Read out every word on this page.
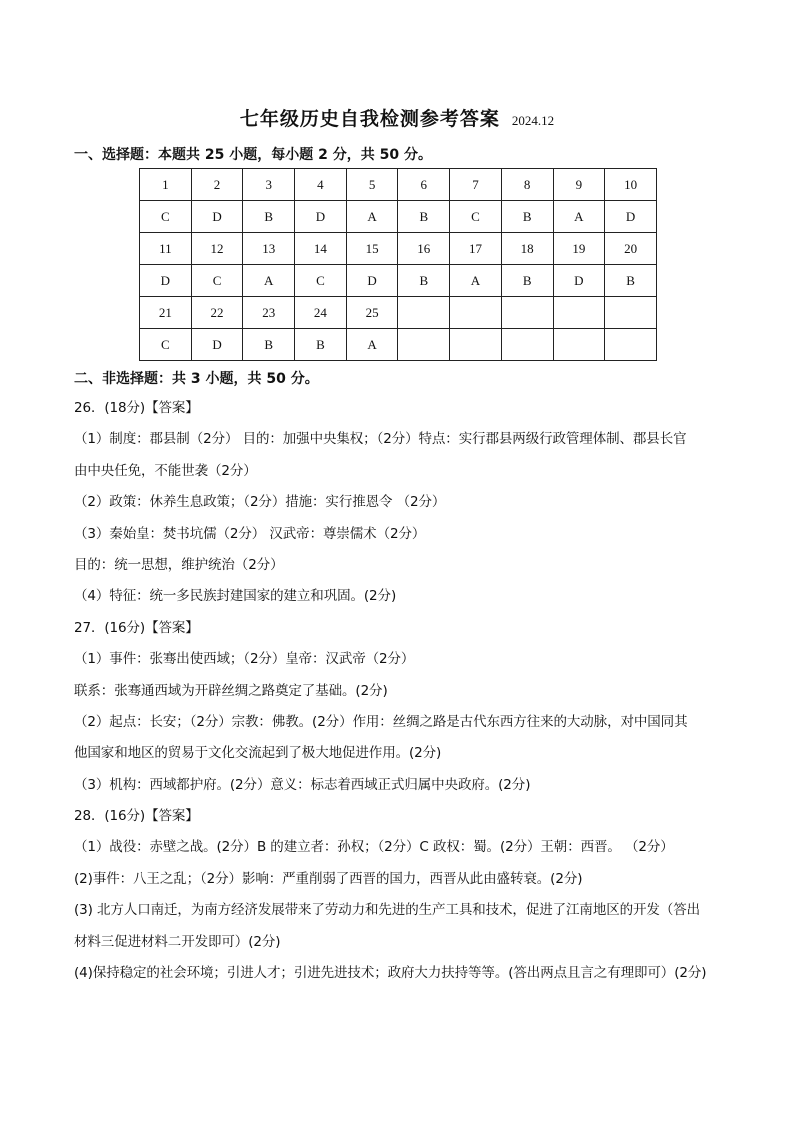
七年级历史自我检测参考答案 2024.12
一、选择题：本题共 25 小题，每小题 2 分，共 50 分。
1	2	3	4	5	6	7	8	9	10
C	D	B	D	A	B	C	B	A	D
11	12	13	14	15	16	17	18	19	20
D	C	A	C	D	B	A	B	D	B
21	22	23	24	25					
C	D	B	B	A					
二、非选择题：共 3 小题，共 50 分。
26．(18分)【答案】
（1）制度：郡县制（2分） 目的：加强中央集权；（2分）特点：实行郡县两级行政管理体制、郡县长官
由中央任免，不能世袭（2分）
（2）政策：休养生息政策；（2分）措施：实行推恩令 （2分）
（3）秦始皇：焚书坑儒（2分） 汉武帝：尊崇儒术（2分）
目的：统一思想，维护统治（2分）
（4）特征：统一多民族封建国家的建立和巩固。(2分)
27．(16分)【答案】
（1）事件：张骞出使西域；（2分）皇帝：汉武帝（2分）
联系：张骞通西域为开辟丝绸之路奠定了基础。(2分)
（2）起点：长安；（2分）宗教：佛教。(2分）作用：丝绸之路是古代东西方往来的大动脉，对中国同其
他国家和地区的贸易于文化交流起到了极大地促进作用。(2分)
（3）机构：西域都护府。(2分）意义：标志着西域正式归属中央政府。(2分)
28．(16分)【答案】
（1）战役：赤壁之战。(2分）B 的建立者：孙权；（2分）C 政权：蜀。(2分）王朝：西晋。 （2分）
(2)事件：八王之乱；（2分）影响：严重削弱了西晋的国力，西晋从此由盛转衰。(2分)
(3) 北方人口南迁，为南方经济发展带来了劳动力和先进的生产工具和技术，促进了江南地区的开发（答出
材料三促进材料二开发即可）(2分)
(4)保持稳定的社会环境；引进人才；引进先进技术；政府大力扶持等等。(答出两点且言之有理即可）(2分)
